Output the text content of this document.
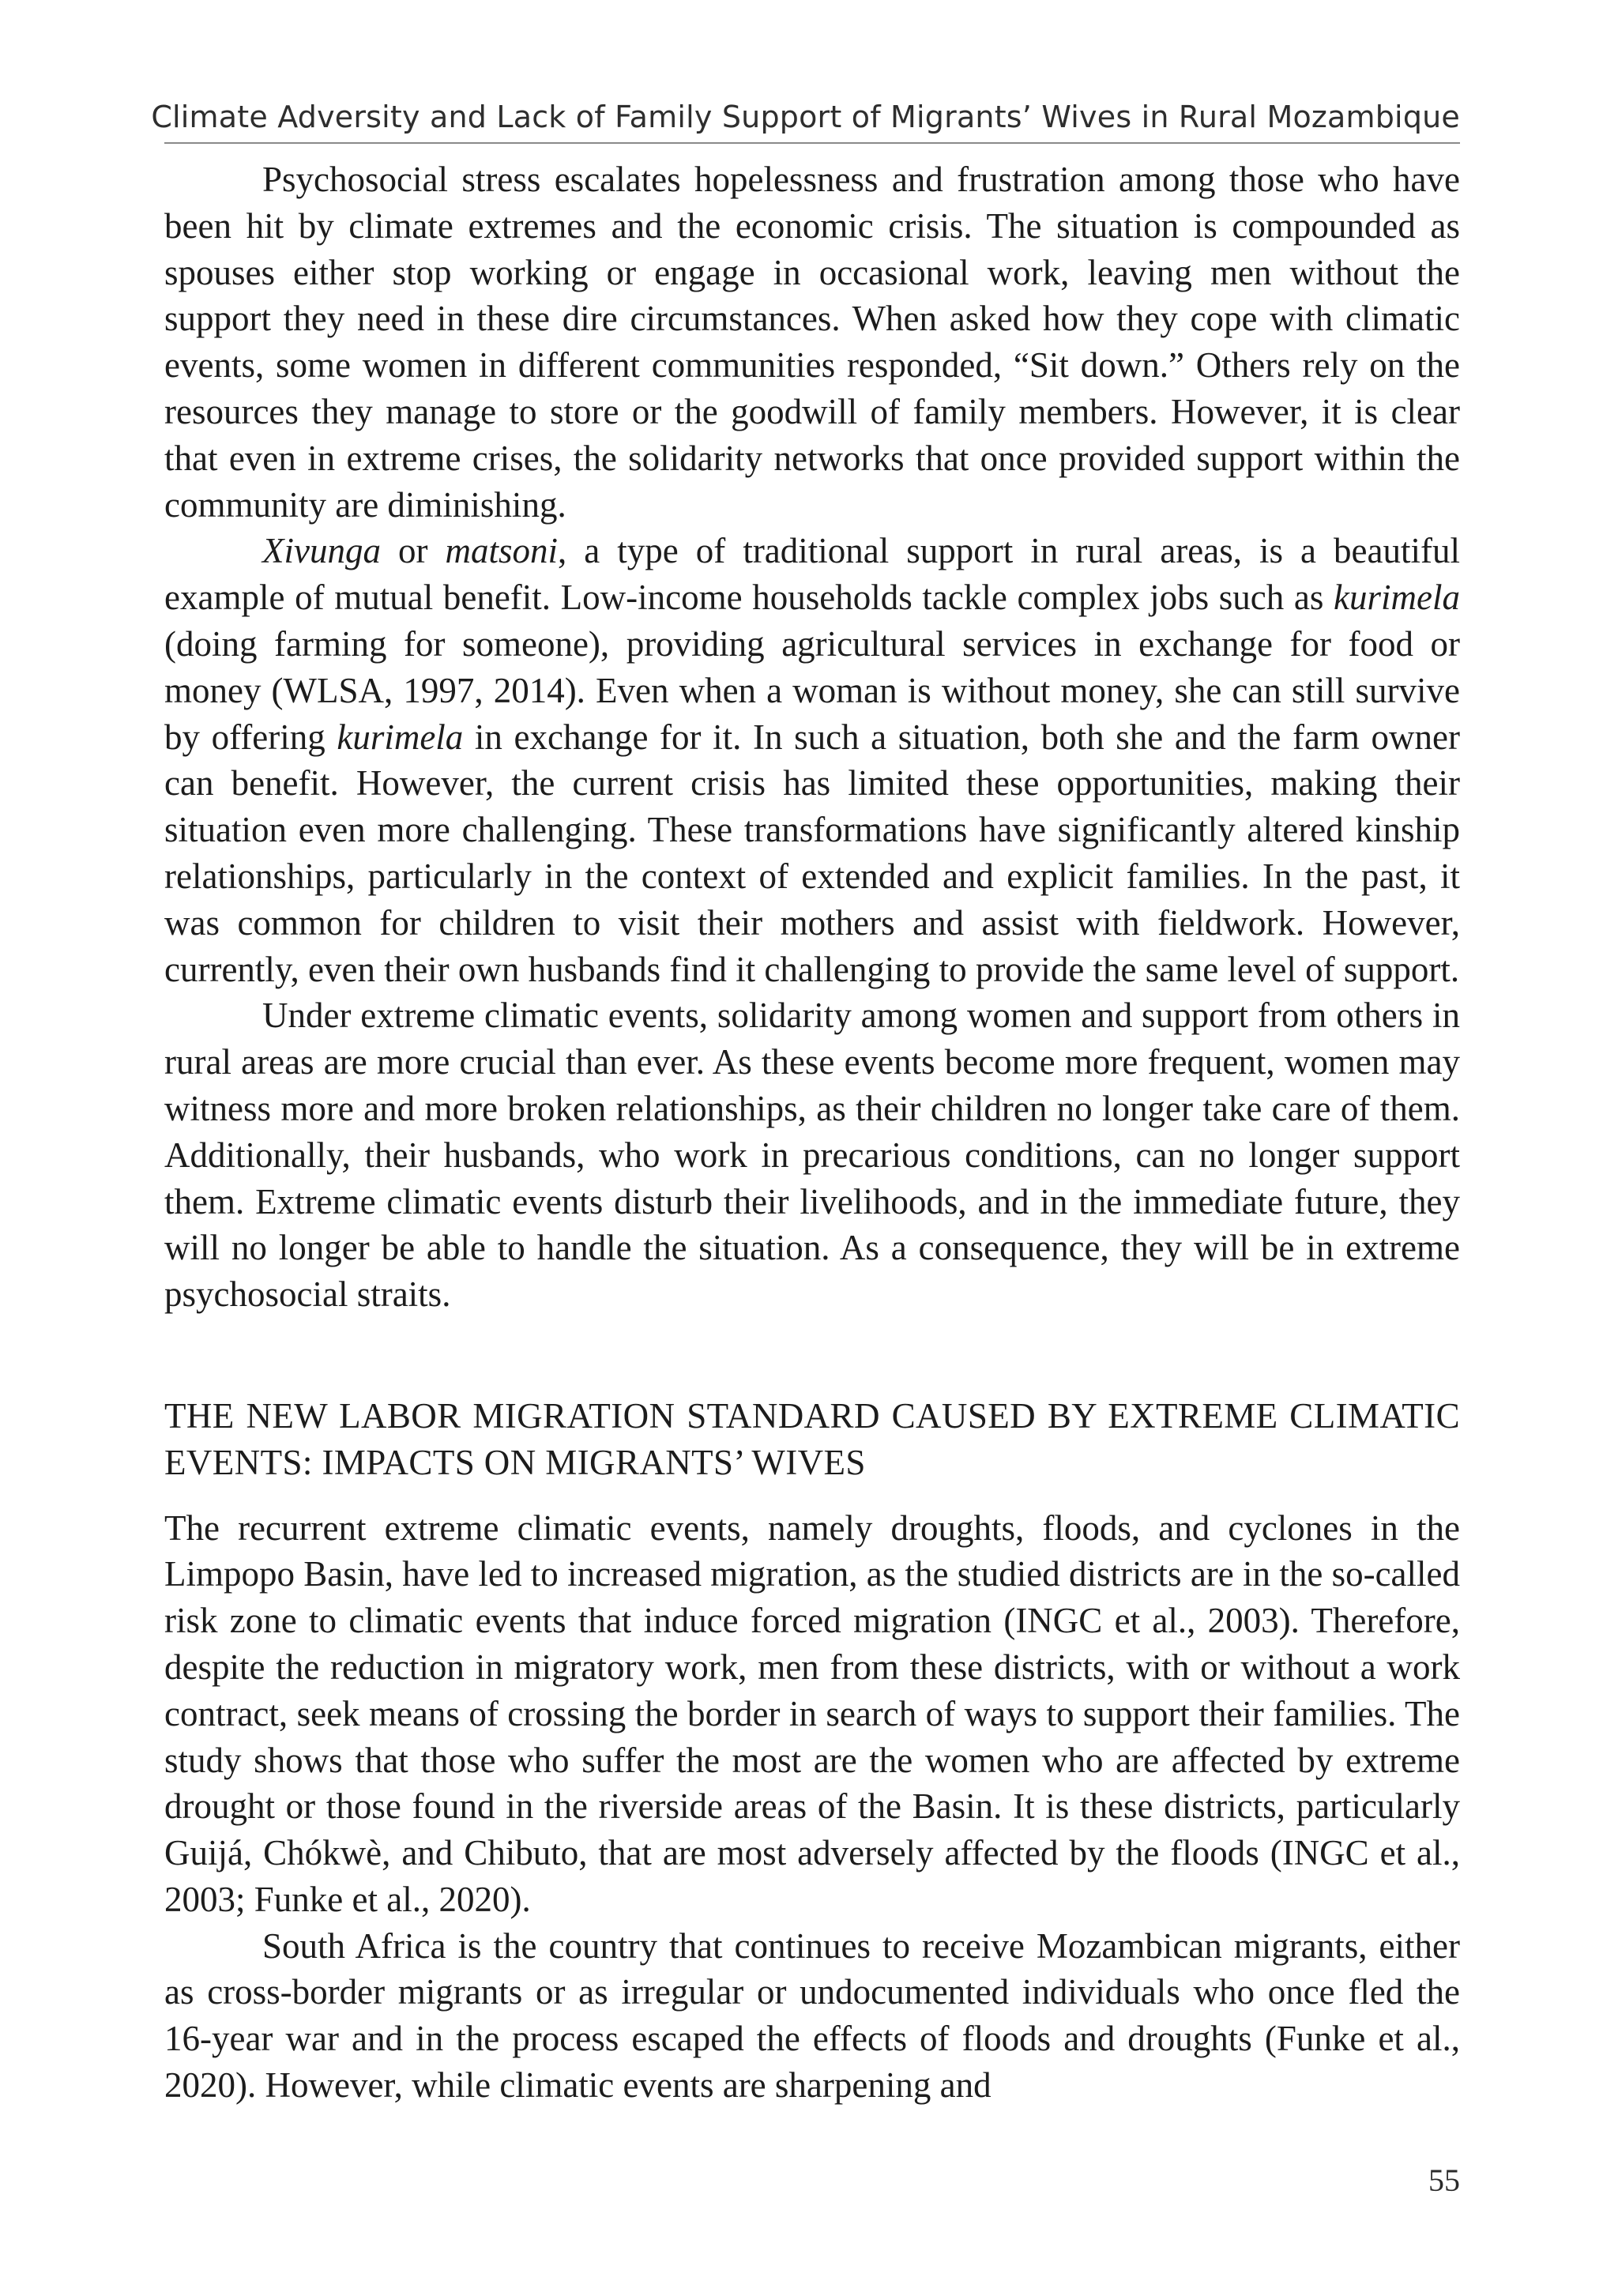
Climate Adversity and Lack of Family Support of Migrants’ Wives in Rural Mozambique

Psychosocial stress escalates hopelessness and frustration among those who have been hit by climate extremes and the economic crisis. The situation is compounded as spouses either stop working or engage in occasional work, leaving men without the support they need in these dire circumstances. When asked how they cope with climatic events, some women in different communities responded, “Sit down.” Others rely on the resources they manage to store or the goodwill of family members. However, it is clear that even in extreme crises, the solidarity networks that once provided support within the community are diminishing.

Xivunga or matsoni, a type of traditional support in rural areas, is a beautiful example of mutual benefit. Low-income households tackle complex jobs such as kurimela (doing farming for someone), providing agricultural services in exchange for food or money (WLSA, 1997, 2014). Even when a woman is without money, she can still survive by offering kurimela in exchange for it. In such a situation, both she and the farm owner can benefit. However, the current crisis has limited these opportunities, making their situation even more challenging. These transformations have significantly altered kinship relationships, particularly in the context of extended and explicit families. In the past, it was common for children to visit their mothers and assist with fieldwork. However, currently, even their own husbands find it challenging to provide the same level of support.

Under extreme climatic events, solidarity among women and support from others in rural areas are more crucial than ever. As these events become more frequent, women may witness more and more broken relationships, as their children no longer take care of them. Additionally, their husbands, who work in precarious conditions, can no longer support them. Extreme climatic events disturb their livelihoods, and in the immediate future, they will no longer be able to handle the situation. As a consequence, they will be in extreme psychosocial straits.

THE NEW LABOR MIGRATION STANDARD CAUSED BY EXTREME CLIMATIC EVENTS: IMPACTS ON MIGRANTS’ WIVES

The recurrent extreme climatic events, namely droughts, floods, and cyclones in the Limpopo Basin, have led to increased migration, as the studied districts are in the so-called risk zone to climatic events that induce forced migration (INGC et al., 2003). Therefore, despite the reduction in migratory work, men from these districts, with or without a work contract, seek means of crossing the border in search of ways to support their families. The study shows that those who suffer the most are the women who are affected by extreme drought or those found in the riverside areas of the Basin. It is these districts, particularly Guijá, Chókwè, and Chibuto, that are most adversely affected by the floods (INGC et al., 2003; Funke et al., 2020).

South Africa is the country that continues to receive Mozambican migrants, either as cross-border migrants or as irregular or undocumented individuals who once fled the 16-year war and in the process escaped the effects of floods and droughts (Funke et al., 2020). However, while climatic events are sharpening and

55
